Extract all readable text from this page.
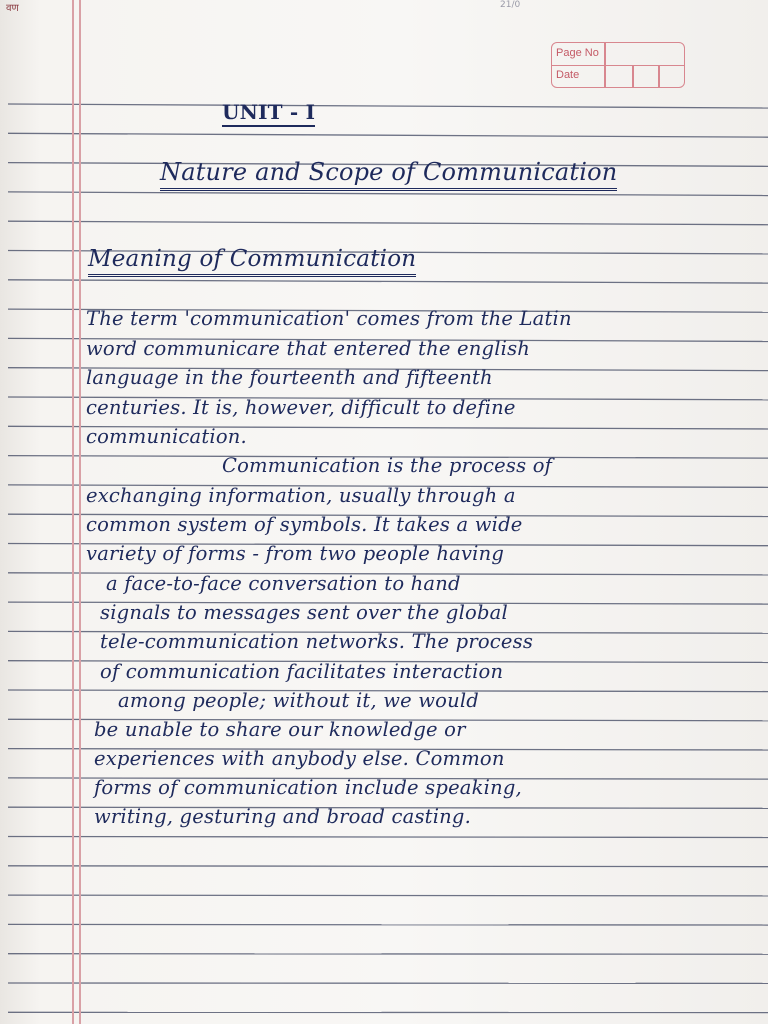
वण	21/0
Page No
Date
UNIT - I
Nature and Scope of Communication
Meaning of Communication
The term 'communication' comes from the Latin
word communicare that entered the english
language in the fourteenth and fifteenth
centuries. It is, however, difficult to define
communication.
Communication is the process of
exchanging information, usually through a
common system of symbols. It takes a wide
variety of forms - from two people having
a face-to-face conversation to hand
signals to messages sent over the global
tele-communication networks. The process
of communication facilitates interaction
among people; without it, we would
be unable to share our knowledge or
experiences with anybody else. Common
forms of communication include speaking,
writing, gesturing and broad casting.
